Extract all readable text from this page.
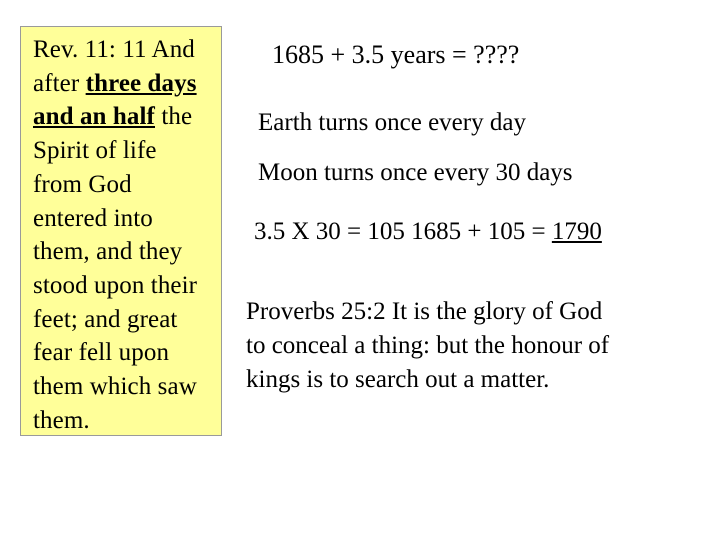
Rev. 11: 11 And
after three days
and an half the
Spirit of life
from God
entered into
them, and they
stood upon their
feet; and great
fear fell upon
them which saw
them.
1685 + 3.5 years = ????
Earth turns once every day
Moon turns once every 30 days
3.5 X 30 = 105 1685 + 105 = 1790
Proverbs 25:2 It is the glory of God
to conceal a thing: but the honour of
kings is to search out a matter.
